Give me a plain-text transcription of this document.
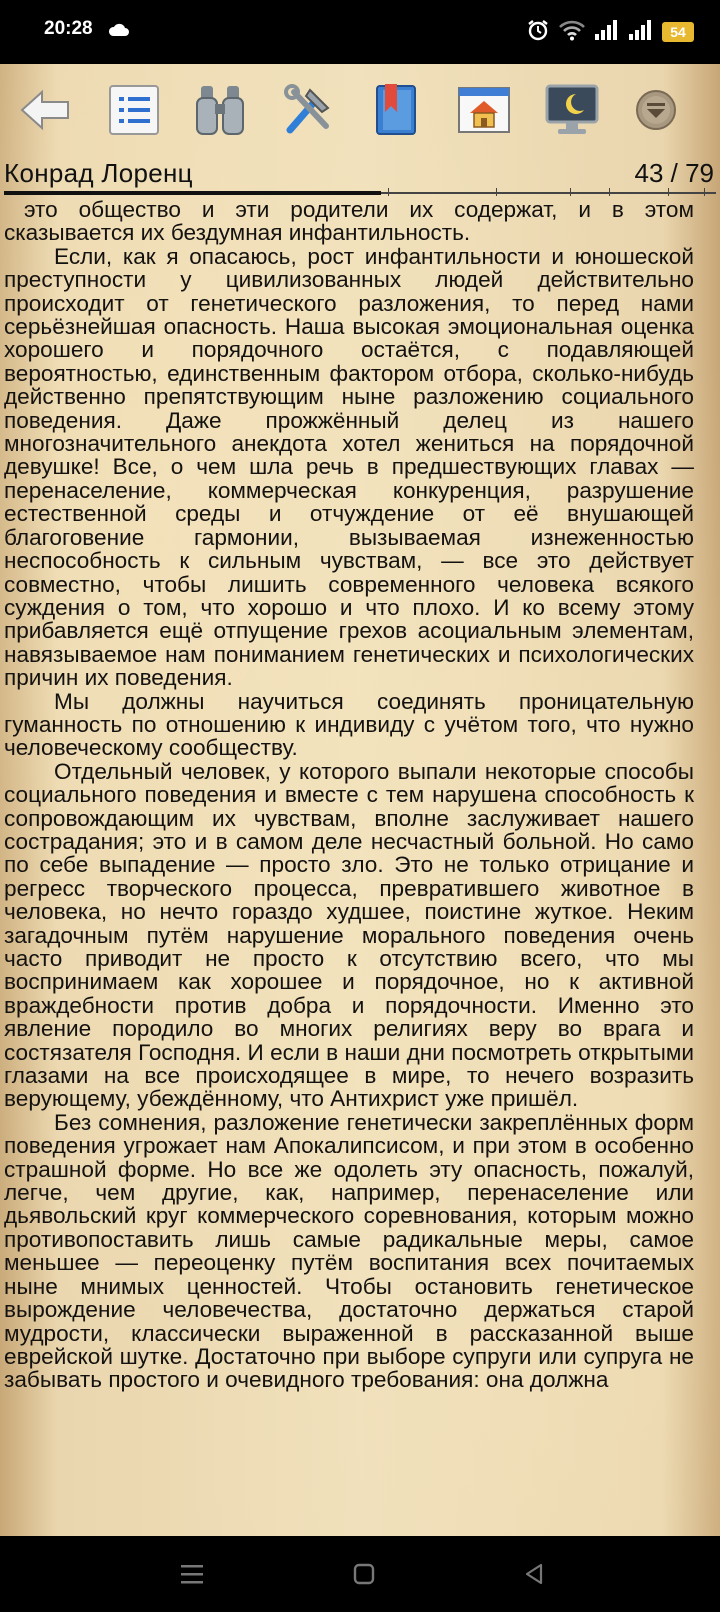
20:28	54
Конрад Лоренц	43 / 79

это общество и эти родители их содержат, и в этом сказывается их бездумная инфантильность.

Если, как я опасаюсь, рост инфантильности и юношеской преступности у цивилизованных людей действительно происходит от генетического разложения, то перед нами серьёзнейшая опасность. Наша высокая эмоциональная оценка хорошего и порядочного остаётся, с подавляющей вероятностью, единственным фактором отбора, сколько-нибудь действенно препятствующим ныне разложению социального поведения. Даже прожжённый делец из нашего многозначительного анекдота хотел жениться на порядочной девушке! Все, о чем шла речь в предшествующих главах — перенаселение, коммерческая конкуренция, разрушение естественной среды и отчуждение от её внушающей благоговение гармонии, вызываемая изнеженностью неспособность к сильным чувствам, — все это действует совместно, чтобы лишить современного человека всякого суждения о том, что хорошо и что плохо. И ко всему этому прибавляется ещё отпущение грехов асоциальным элементам, навязываемое нам пониманием генетических и психологических причин их поведения.

Мы должны научиться соединять проницательную гуманность по отношению к индивиду с учётом того, что нужно человеческому сообществу.

Отдельный человек, у которого выпали некоторые способы социального поведения и вместе с тем нарушена способность к сопровождающим их чувствам, вполне заслуживает нашего сострадания; это и в самом деле несчастный больной. Но само по себе выпадение — просто зло. Это не только отрицание и регресс творческого процесса, превратившего животное в человека, но нечто гораздо худшее, поистине жуткое. Неким загадочным путём нарушение морального поведения очень часто приводит не просто к отсутствию всего, что мы воспринимаем как хорошее и порядочное, но к активной враждебности против добра и порядочности. Именно это явление породило во многих религиях веру во врага и состязателя Господня. И если в наши дни посмотреть открытыми глазами на все происходящее в мире, то нечего возразить верующему, убеждённому, что Антихрист уже пришёл.

Без сомнения, разложение генетически закреплённых форм поведения угрожает нам Апокалипсисом, и при этом в особенно страшной форме. Но все же одолеть эту опасность, пожалуй, легче, чем другие, как, например, перенаселение или дьявольский круг коммерческого соревнования, которым можно противопоставить лишь самые радикальные меры, самое меньшее — переоценку путём воспитания всех почитаемых ныне мнимых ценностей. Чтобы остановить генетическое вырождение человечества, достаточно держаться старой мудрости, классически выраженной в рассказанной выше еврейской шутке. Достаточно при выборе супруги или супруга не забывать простого и очевидного требования: она должна
